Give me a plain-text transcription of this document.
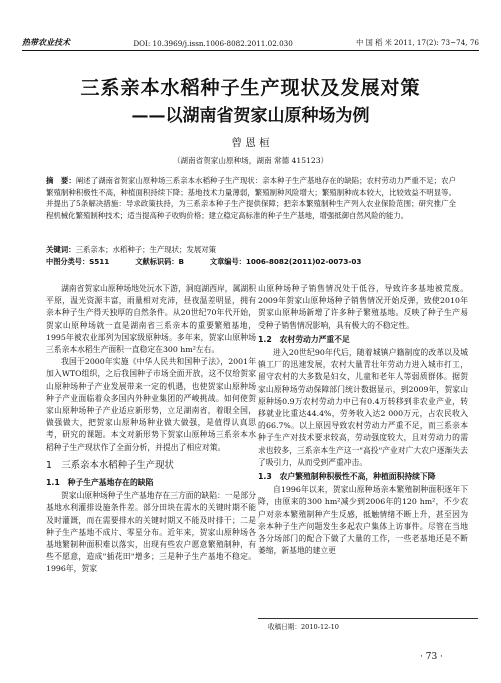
热带农业技术	DOI: 10.3969/j.issn.1006-8082.2011.02.030	中 国 稻 米 2011, 17(2): 73~74, 76
三系亲本水稻种子生产现状及发展对策
——以湖南省贺家山原种场为例
曾 恩 桓
（湖南省贺家山原种场，湖南 常德 415123）
摘　要：阐述了湖南省贺家山原种场三系亲本水稻种子生产现状：亲本种子生产基地存在的缺陷；农村劳动力严重不足；农户繁殖制种积极性不高，种植面积持续下降；基地技术力量薄弱，繁殖制种风险增大；繁殖制种成本较大，比较效益不明显等。并提出了5条解决措施：导求政策扶持，为三系亲本种子生产提供保障；把亲本繁殖制种生产列入农业保险范围；研究推广全程机械化繁殖制种技术；适当提高种子收购价格；建立稳定高标准的种子生产基地，增强抵御自然风险的能力。
关键词：三系亲本；水稻种子；生产现状；发展对策
中图分类号：S511	文献标识码：B	文章编号：1006-8082(2011)02-0073-03

湖南省贺家山原种场地处沅水下游，洞庭湖西岸，属湖积平原，温光资源丰富，雨量相对充沛，昼夜温差明显，拥有亲本种子生产得天独厚的自然条件。从20世纪70年代开始，贺家山原种场就一直是湖南省三系亲本的重要繁殖基地，1995年被农业部列为国家级原种场。多年来，贺家山原种场三系亲本水稻生产面积一直稳定在300 hm²左右。

我国于2000年实施《中华人民共和国种子法》，2001年加入WTO组织，之后我国种子市场全面开放，这不仅给贺家山原种场种子产业发展带来一定的机遇，也使贺家山原种场种子产业面临着众多国内外种业集团的严峻挑战。如何使贺家山原种场种子产业适应新形势，立足湖南省，着眼全国，做强做大，把贺家山原种场种业做大做强，是值得认真思考，研究的课题。本文对新形势下贺家山原种场三系亲本水稻种子生产现状作了全面分析，并提出了相应对策。

1　三系亲本水稻种子生产现状

1.1　种子生产基地存在的缺陷

贺家山原种场种子生产基地存在三方面的缺陷：一是部分基地水利灌排设施条件差。部分田块在需水的关键时期不能及时灌溉，而在需要排水的关键时期又不能及时排干；二是种子生产基地不成片、零星分布。近年来，贺家山原种场各基地繁制种面积难以落实，出现有些农户愿意繁殖制种，有些不愿意，造成"插花田"增多；三是种子生产基地不稳定。1996年，贺家

山原种场种子销售情况处于低谷，导致许多基地被荒废。2009年贺家山原种场种子销售情况开始反弹，致使2010年贺家山原种场新增了许多种子繁殖基地。反映了种子生产易受种子销售情况影响，具有极大的不稳定性。

1.2　农村劳动力严重不足

进入20世纪90年代后，随着城镇户籍制度的改革以及城镇工厂的迅速发展，农村大量青壮年劳动力进入城市打工，留守农村的大多数是妇女，儿童和老年人等弱质群体。据贺家山原种场劳动保障部门统计数据显示，到2009年，贺家山原种场0.9万农村劳动力中已有0.4万转移到非农业产业，转移就业比重达44.4%，劳务收入达2 000万元，占农民收入的66.7%。以上原因导致农村劳动力严重不足，而三系亲本种子生产对技术要求较高，劳动强度较大，且对劳动力的需求也较多，三系亲本生产这一"高投"产业对广大农户逐渐失去了吸引力，从而受到严重冲击。

1.3　农户繁殖制种积极性不高，种植面积持续下降

自1996年以来，贺家山原种场亲本繁殖制种面积逐年下降，由原来的300 hm²减少到2006年的120 hm²，不少农户对亲本繁殖制种产生反感，抵触情绪不断上升，甚至因为亲本种子生产问题发生多起农户集体上访事件。尽管在当地各分场部门的配合下做了大量的工作，一些老基地还是不断萎缩，新基地的建立更

收稿日期：2010-12-10
· 73 ·
